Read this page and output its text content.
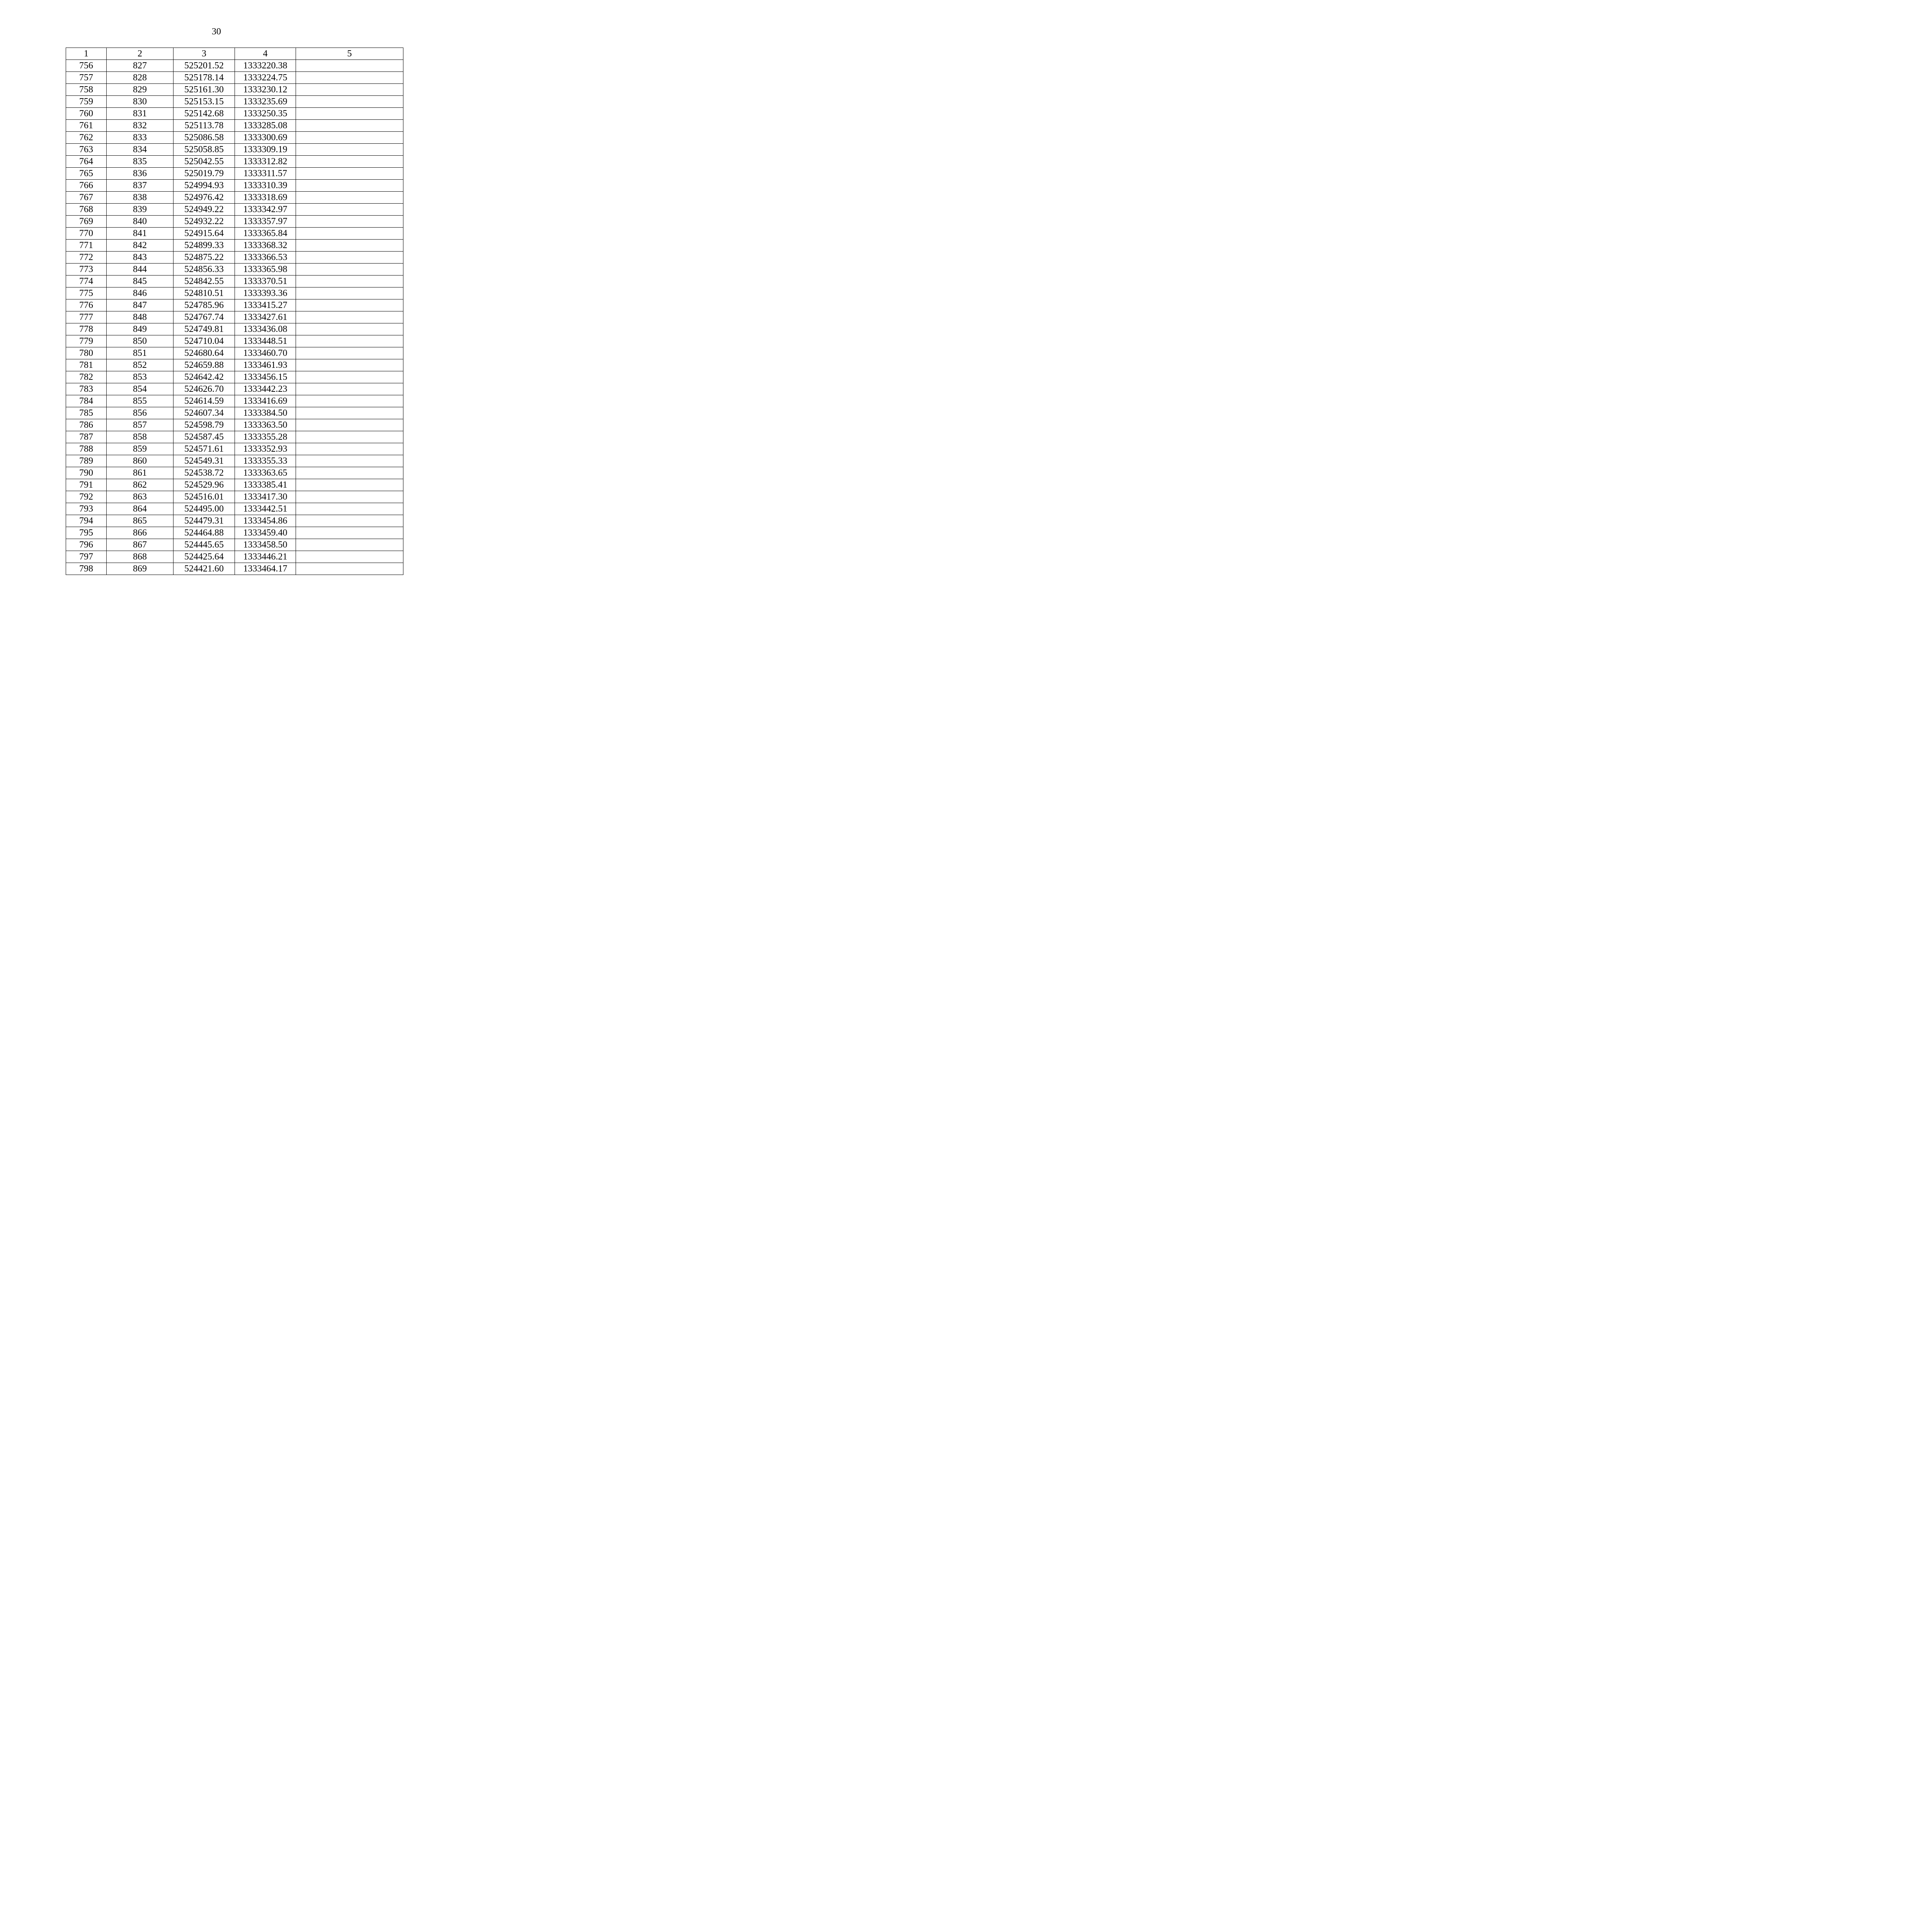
30
1	2	3	4	5
756	827	525201.52	1333220.38	
757	828	525178.14	1333224.75	
758	829	525161.30	1333230.12	
759	830	525153.15	1333235.69	
760	831	525142.68	1333250.35	
761	832	525113.78	1333285.08	
762	833	525086.58	1333300.69	
763	834	525058.85	1333309.19	
764	835	525042.55	1333312.82	
765	836	525019.79	1333311.57	
766	837	524994.93	1333310.39	
767	838	524976.42	1333318.69	
768	839	524949.22	1333342.97	
769	840	524932.22	1333357.97	
770	841	524915.64	1333365.84	
771	842	524899.33	1333368.32	
772	843	524875.22	1333366.53	
773	844	524856.33	1333365.98	
774	845	524842.55	1333370.51	
775	846	524810.51	1333393.36	
776	847	524785.96	1333415.27	
777	848	524767.74	1333427.61	
778	849	524749.81	1333436.08	
779	850	524710.04	1333448.51	
780	851	524680.64	1333460.70	
781	852	524659.88	1333461.93	
782	853	524642.42	1333456.15	
783	854	524626.70	1333442.23	
784	855	524614.59	1333416.69	
785	856	524607.34	1333384.50	
786	857	524598.79	1333363.50	
787	858	524587.45	1333355.28	
788	859	524571.61	1333352.93	
789	860	524549.31	1333355.33	
790	861	524538.72	1333363.65	
791	862	524529.96	1333385.41	
792	863	524516.01	1333417.30	
793	864	524495.00	1333442.51	
794	865	524479.31	1333454.86	
795	866	524464.88	1333459.40	
796	867	524445.65	1333458.50	
797	868	524425.64	1333446.21	
798	869	524421.60	1333464.17	
